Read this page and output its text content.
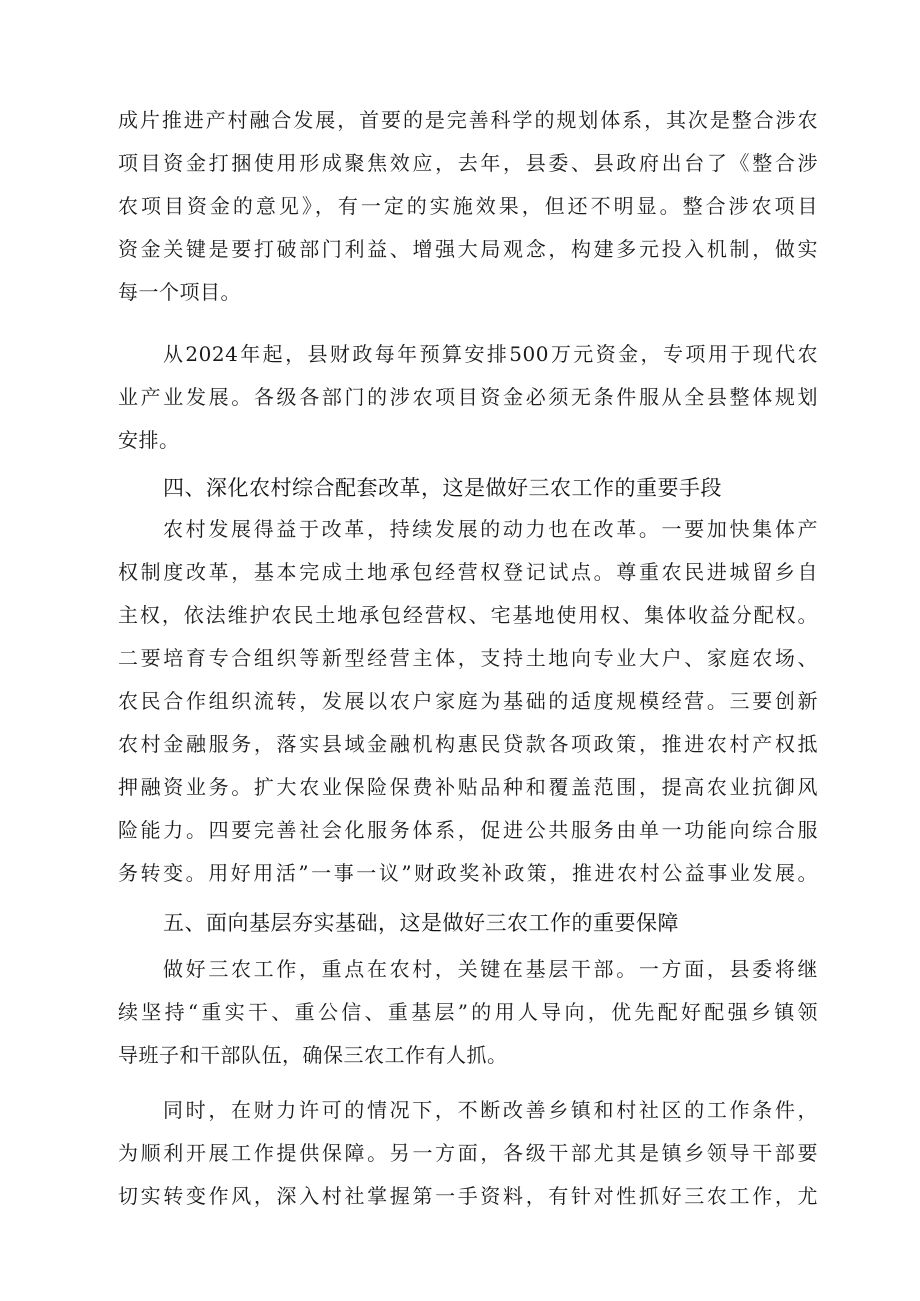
成片推进产村融合发展，首要的是完善科学的规划体系，其次是整合涉农
项目资金打捆使用形成聚焦效应，去年，县委、县政府出台了《整合涉
农项目资金的意见》，有一定的实施效果，但还不明显。整合涉农项目
资金关键是要打破部门利益、增强大局观念，构建多元投入机制，做实
每一个项目。
从2024年起，县财政每年预算安排500万元资金，专项用于现代农
业产业发展。各级各部门的涉农项目资金必须无条件服从全县整体规划
安排。
四、深化农村综合配套改革，这是做好三农工作的重要手段
农村发展得益于改革，持续发展的动力也在改革。一要加快集体产
权制度改革，基本完成土地承包经营权登记试点。尊重农民进城留乡自
主权，依法维护农民土地承包经营权、宅基地使用权、集体收益分配权。
二要培育专合组织等新型经营主体，支持土地向专业大户、家庭农场、
农民合作组织流转，发展以农户家庭为基础的适度规模经营。三要创新
农村金融服务，落实县域金融机构惠民贷款各项政策，推进农村产权抵
押融资业务。扩大农业保险保费补贴品种和覆盖范围，提高农业抗御风
险能力。四要完善社会化服务体系，促进公共服务由单一功能向综合服
务转变。用好用活”一事一议”财政奖补政策，推进农村公益事业发展。
五、面向基层夯实基础，这是做好三农工作的重要保障
做好三农工作，重点在农村，关键在基层干部。一方面，县委将继
续坚持“重实干、重公信、重基层”的用人导向，优先配好配强乡镇领
导班子和干部队伍，确保三农工作有人抓。
同时，在财力许可的情况下，不断改善乡镇和村社区的工作条件，
为顺利开展工作提供保障。另一方面，各级干部尤其是镇乡领导干部要
切实转变作风，深入村社掌握第一手资料，有针对性抓好三农工作，尤
